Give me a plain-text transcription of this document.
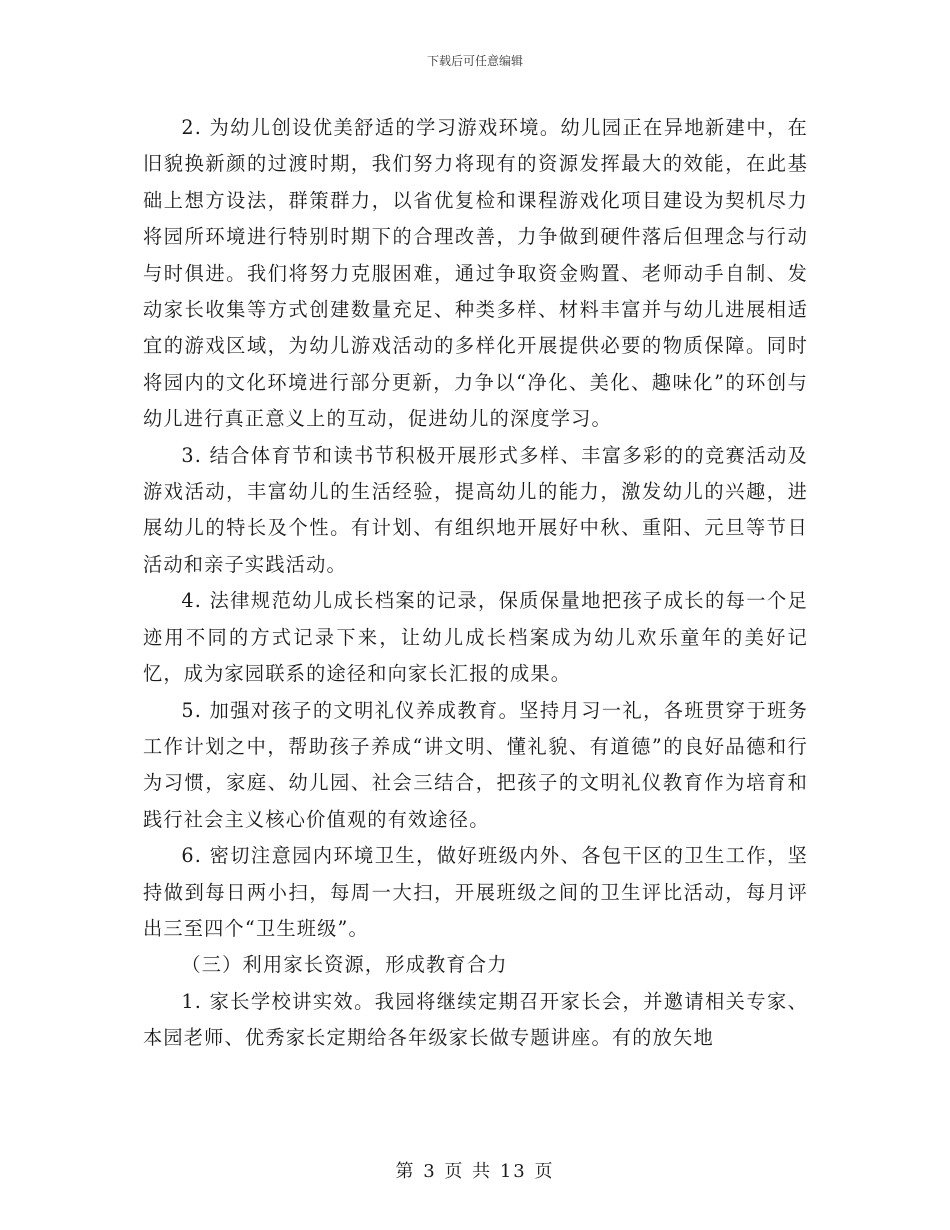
下载后可任意编辑

2. 为幼儿创设优美舒适的学习游戏环境。幼儿园正在异地新建中，在旧貌换新颜的过渡时期，我们努力将现有的资源发挥最大的效能，在此基础上想方设法，群策群力，以省优复检和课程游戏化项目建设为契机尽力将园所环境进行特别时期下的合理改善，力争做到硬件落后但理念与行动与时俱进。我们将努力克服困难，通过争取资金购置、老师动手自制、发动家长收集等方式创建数量充足、种类多样、材料丰富并与幼儿进展相适宜的游戏区域，为幼儿游戏活动的多样化开展提供必要的物质保障。同时将园内的文化环境进行部分更新，力争以“净化、美化、趣味化”的环创与幼儿进行真正意义上的互动，促进幼儿的深度学习。

3. 结合体育节和读书节积极开展形式多样、丰富多彩的的竞赛活动及游戏活动，丰富幼儿的生活经验，提高幼儿的能力，激发幼儿的兴趣，进展幼儿的特长及个性。有计划、有组织地开展好中秋、重阳、元旦等节日活动和亲子实践活动。

4. 法律规范幼儿成长档案的记录，保质保量地把孩子成长的每一个足迹用不同的方式记录下来，让幼儿成长档案成为幼儿欢乐童年的美好记忆，成为家园联系的途径和向家长汇报的成果。

5. 加强对孩子的文明礼仪养成教育。坚持月习一礼，各班贯穿于班务工作计划之中，帮助孩子养成“讲文明、懂礼貌、有道德”的良好品德和行为习惯，家庭、幼儿园、社会三结合，把孩子的文明礼仪教育作为培育和践行社会主义核心价值观的有效途径。

6. 密切注意园内环境卫生，做好班级内外、各包干区的卫生工作，坚持做到每日两小扫，每周一大扫，开展班级之间的卫生评比活动，每月评出三至四个“卫生班级”。

（三）利用家长资源，形成教育合力

1. 家长学校讲实效。我园将继续定期召开家长会，并邀请相关专家、本园老师、优秀家长定期给各年级家长做专题讲座。有的放矢地

第 3 页 共 13 页
